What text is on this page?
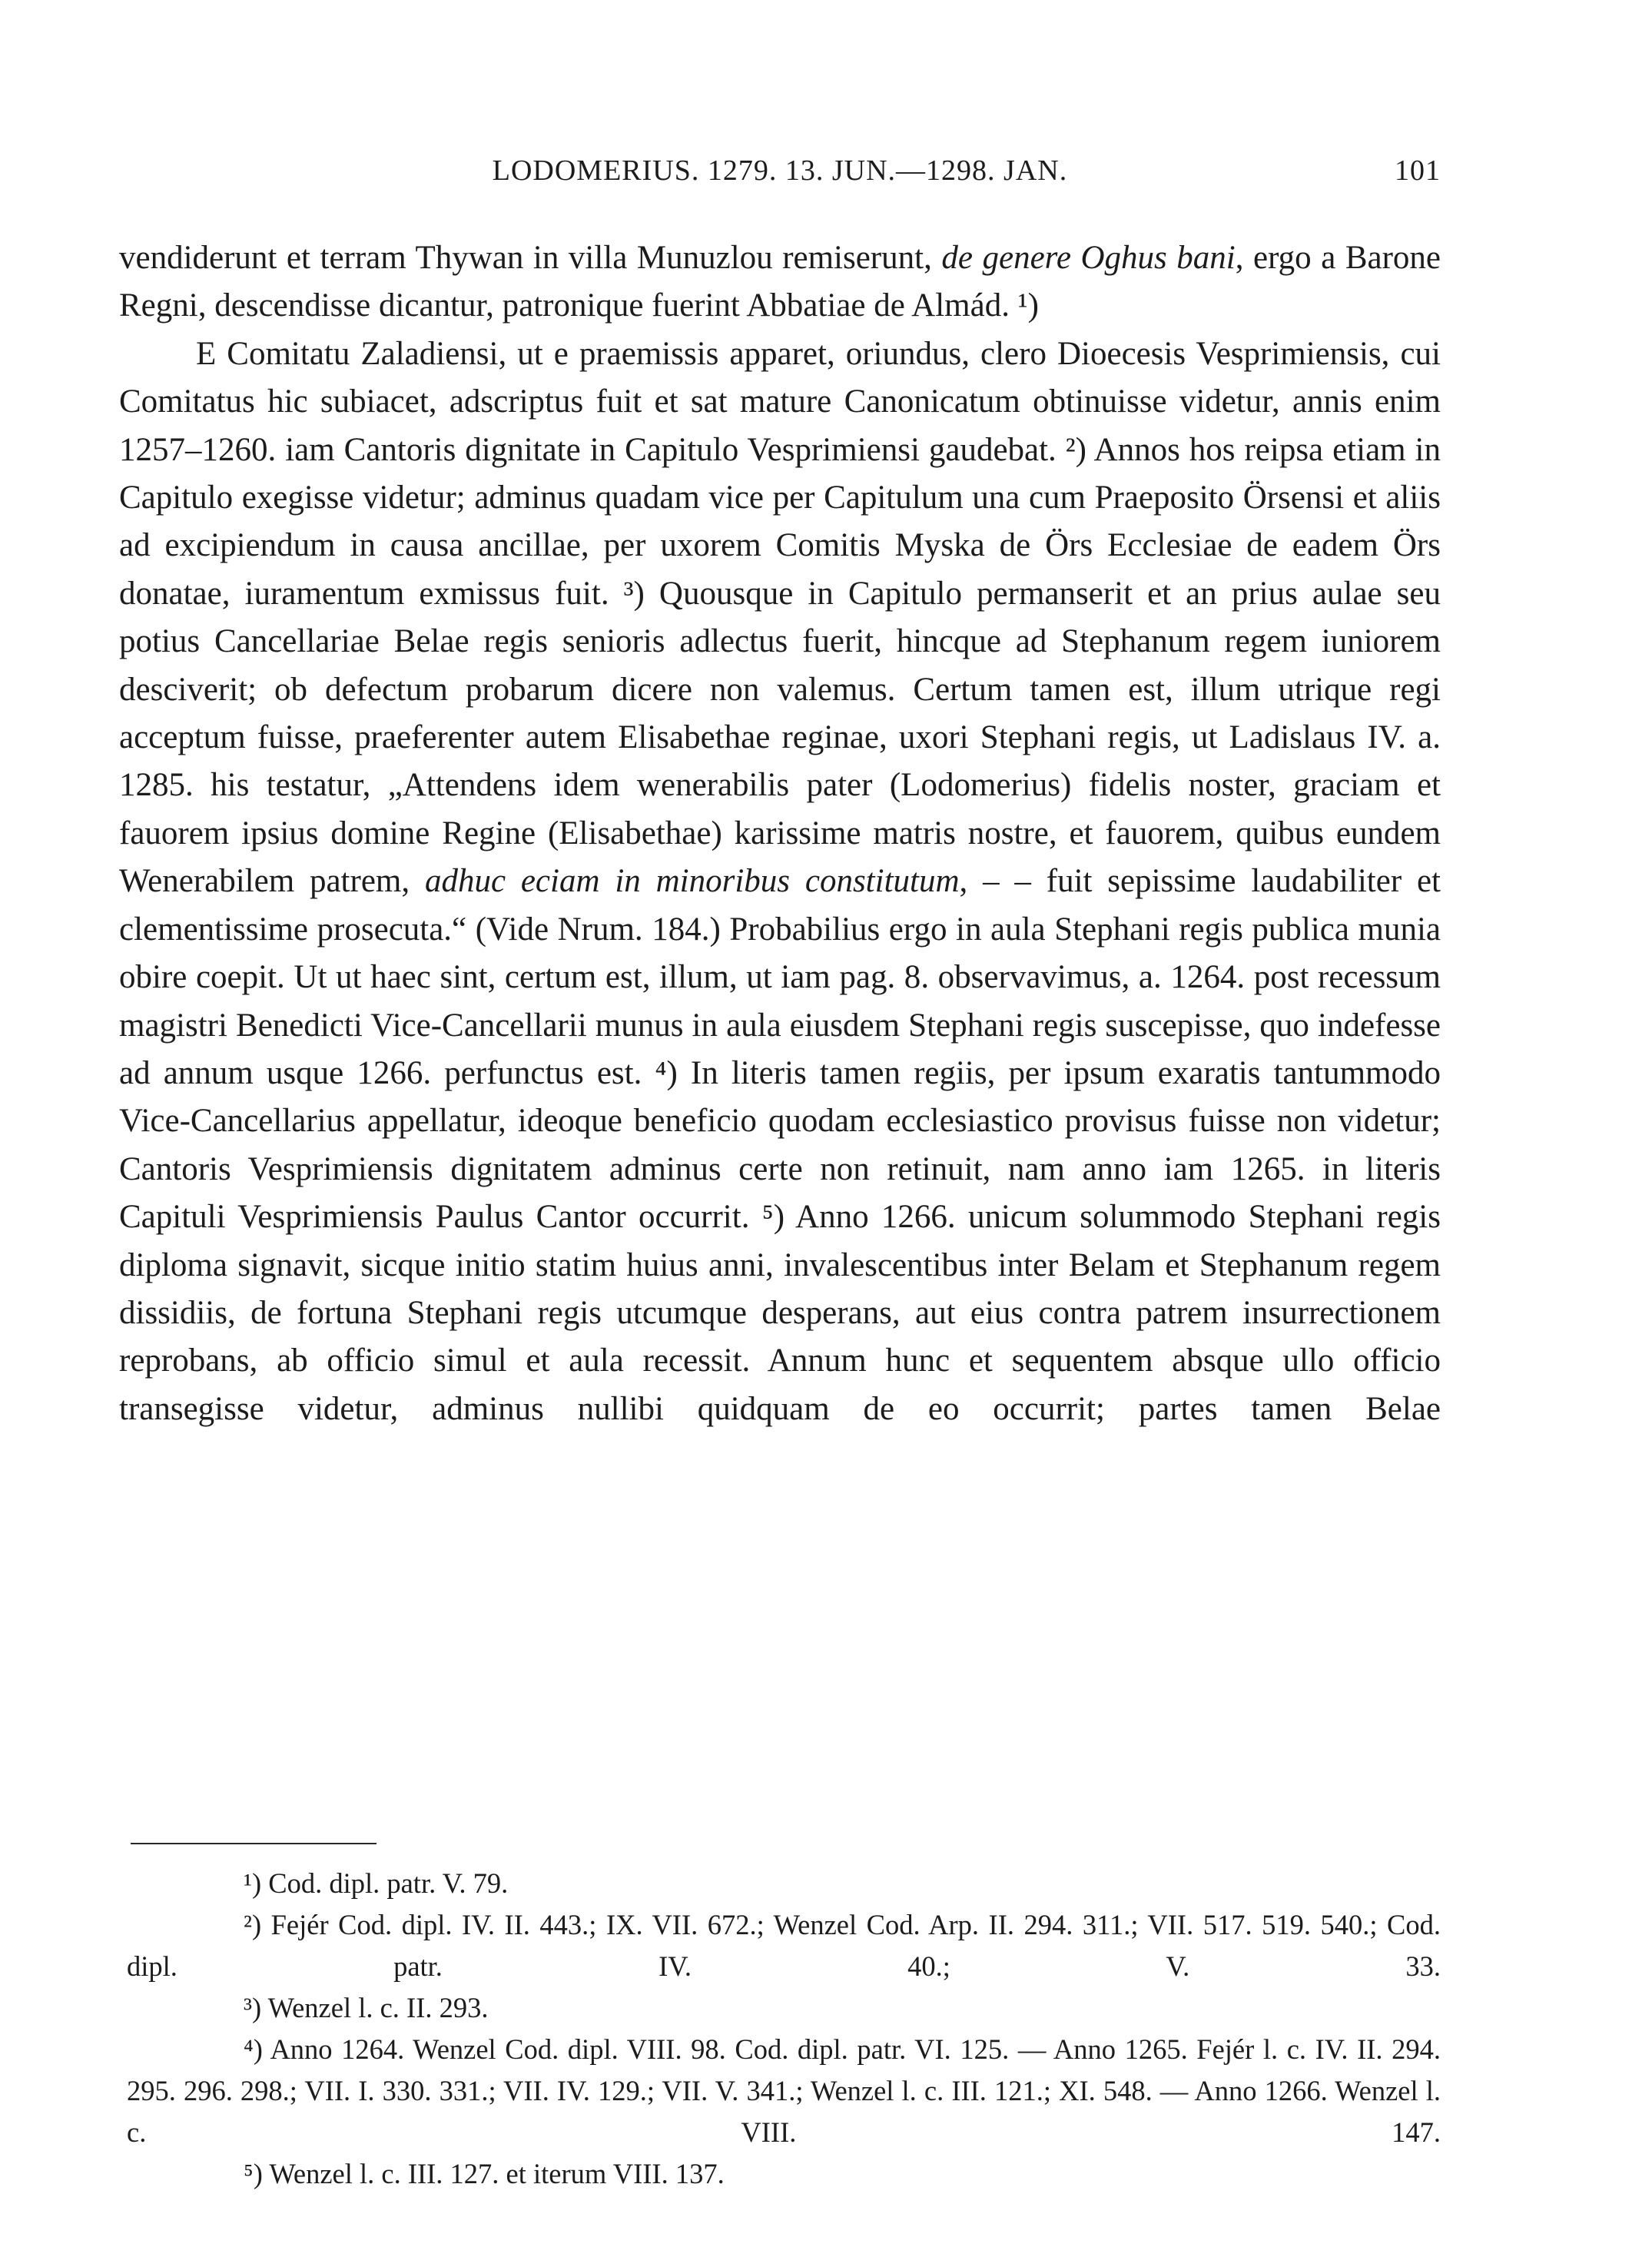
LODOMERIUS. 1279. 13. JUN.—1298. JAN.	101

vendiderunt et terram Thywan in villa Munuzlou remiserunt, de genere Oghus bani, ergo a Barone Regni, descendisse dicantur, patronique fuerint Abbatiae de Almád. ¹)

E Comitatu Zaladiensi, ut e praemissis apparet, oriundus, clero Dioecesis Vesprimiensis, cui Comitatus hic subiacet, adscriptus fuit et sat mature Canonicatum obtinuisse videtur, annis enim 1257–1260. iam Cantoris dignitate in Capitulo Vesprimiensi gaudebat. ²) Annos hos reipsa etiam in Capitulo exegisse videtur; adminus quadam vice per Capitulum una cum Praeposito Örsensi et aliis ad excipiendum in causa ancillae, per uxorem Comitis Myska de Örs Ecclesiae de eadem Örs donatae, iuramentum exmissus fuit. ³) Quousque in Capitulo permanserit et an prius aulae seu potius Cancellariae Belae regis senioris adlectus fuerit, hincque ad Stephanum regem iuniorem desciverit; ob defectum probarum dicere non valemus. Certum tamen est, illum utrique regi acceptum fuisse, praeferenter autem Elisabethae reginae, uxori Stephani regis, ut Ladislaus IV. a. 1285. his testatur, „Attendens idem wenerabilis pater (Lodomerius) fidelis noster, graciam et fauorem ipsius domine Regine (Elisabethae) karissime matris nostre, et fauorem, quibus eundem Wenerabilem patrem, adhuc eciam in minoribus constitutum, – – fuit sepissime laudabiliter et clementissime prosecuta.“ (Vide Nrum. 184.) Probabilius ergo in aula Stephani regis publica munia obire coepit. Ut ut haec sint, certum est, illum, ut iam pag. 8. observavimus, a. 1264. post recessum magistri Benedicti Vice-Cancellarii munus in aula eiusdem Stephani regis suscepisse, quo indefesse ad annum usque 1266. perfunctus est. ⁴) In literis tamen regiis, per ipsum exaratis tantummodo Vice-Cancellarius appellatur, ideoque beneficio quodam ecclesiastico provisus fuisse non videtur; Cantoris Vesprimiensis dignitatem adminus certe non retinuit, nam anno iam 1265. in literis Capituli Vesprimiensis Paulus Cantor occurrit. ⁵) Anno 1266. unicum solummodo Stephani regis diploma signavit, sicque initio statim huius anni, invalescentibus inter Belam et Stephanum regem dissidiis, de fortuna Stephani regis utcumque desperans, aut eius contra patrem insurrectionem reprobans, ab officio simul et aula recessit. Annum hunc et sequentem absque ullo officio transegisse videtur, adminus nullibi quidquam de eo occurrit; partes tamen Belae

¹) Cod. dipl. patr. V. 79.

²) Fejér Cod. dipl. IV. II. 443.; IX. VII. 672.; Wenzel Cod. Arp. II. 294. 311.; VII. 517. 519. 540.; Cod. dipl. patr. IV. 40.; V. 33.

³) Wenzel l. c. II. 293.

⁴) Anno 1264. Wenzel Cod. dipl. VIII. 98. Cod. dipl. patr. VI. 125. — Anno 1265. Fejér l. c. IV. II. 294. 295. 296. 298.; VII. I. 330. 331.; VII. IV. 129.; VII. V. 341.; Wenzel l. c. III. 121.; XI. 548. — Anno 1266. Wenzel l. c. VIII. 147.

⁵) Wenzel l. c. III. 127. et iterum VIII. 137.
